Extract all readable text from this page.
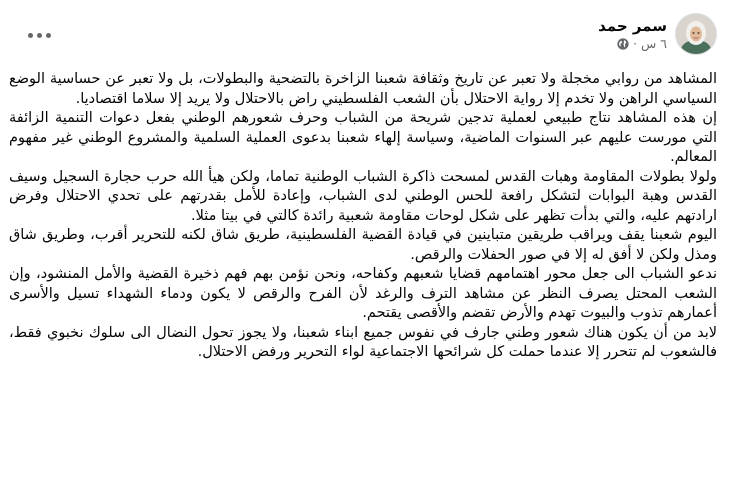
سمر حمد
٦ س
·

المشاهد من روابي مخجلة ولا تعبر عن تاريخ وثقافة شعبنا الزاخرة بالتضحية والبطولات، بل ولا تعبر عن حساسية الوضع السياسي الراهن ولا تخدم إلا رواية الاحتلال بأن الشعب الفلسطيني راض بالاحتلال ولا يريد إلا سلاما اقتصاديا.

إن هذه المشاهد نتاج طبيعي لعملية تدجين شريحة من الشباب وحرف شعورهم الوطني بفعل دعوات التنمية الزائفة التي مورست عليهم عبر السنوات الماضية، وسياسة إلهاء شعبنا بدعوى العملية السلمية والمشروع الوطني غير مفهوم المعالم.

ولولا بطولات المقاومة وهبات القدس لمسحت ذاكرة الشباب الوطنية تماما، ولكن هيأ الله حرب حجارة السجيل وسيف القدس وهبة البوابات لتشكل رافعة للحس الوطني لدى الشباب، وإعادة للأمل بقدرتهم على تحدي الاحتلال وفرض ارادتهم عليه، والتي بدأت تظهر على شكل لوحات مقاومة شعبية رائدة كالتي في بيتا مثلا.

اليوم شعبنا يقف ويراقب طريقين متباينين في قيادة القضية الفلسطينية، طريق شاق لكنه للتحرير أقرب، وطريق شاق ومذل ولكن لا أفق له إلا في صور الحفلات والرقص.

ندعو الشباب الى جعل محور اهتمامهم قضايا شعبهم وكفاحه، ونحن نؤمن بهم فهم ذخيرة القضية والأمل المنشود، وإن الشعب المحتل يصرف النظر عن مشاهد الترف والرغد لأن الفرح والرقص لا يكون ودماء الشهداء تسيل والأسرى أعمارهم تذوب والبيوت تهدم والأرض تقضم والأقصى يقتحم.

لابد من أن يكون هناك شعور وطني جارف في نفوس جميع ابناء شعبنا، ولا يجوز تحول النضال الى سلوك نخبوي فقط، فالشعوب لم تتحرر إلا عندما حملت كل شرائحها الاجتماعية لواء التحرير ورفض الاحتلال.
